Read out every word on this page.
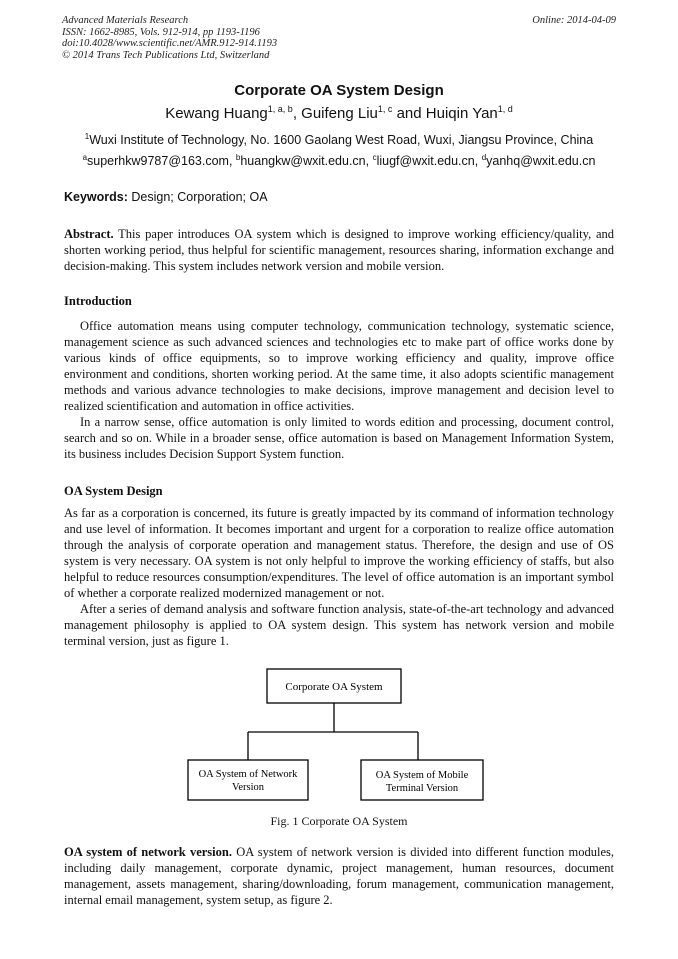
Advanced Materials Research
ISSN: 1662-8985, Vols. 912-914, pp 1193-1196
doi:10.4028/www.scientific.net/AMR.912-914.1193
© 2014 Trans Tech Publications Ltd, Switzerland
Online: 2014-04-09
Corporate OA System Design
Kewang Huang$^{1, a, b}$, Guifeng Liu$^{1, c}$ and Huiqin Yan$^{1, d}$
$^1$Wuxi Institute of Technology, No. 1600 Gaolang West Road, Wuxi, Jiangsu Province, China
$^a$superhkw9787@163.com, $^b$huangkw@wxit.edu.cn, $^c$liugf@wxit.edu.cn, $^d$yanhq@wxit.edu.cn
Keywords: Design; Corporation; OA
Abstract. This paper introduces OA system which is designed to improve working efficiency/quality, and shorten working period, thus helpful for scientific management, resources sharing, information exchange and decision-making. This system includes network version and mobile version.
Introduction

Office automation means using computer technology, communication technology, systematic science, management science as such advanced sciences and technologies etc to make part of office works done by various kinds of office equipments, so to improve working efficiency and quality, improve office environment and conditions, shorten working period. At the same time, it also adopts scientific management methods and various advance technologies to make decisions, improve management and decision level to realized scientification and automation in office activities.

In a narrow sense, office automation is only limited to words edition and processing, document control, search and so on. While in a broader sense, office automation is based on Management Information System, its business includes Decision Support System function.

OA System Design

As far as a corporation is concerned, its future is greatly impacted by its command of information technology and use level of information. It becomes important and urgent for a corporation to realize office automation through the analysis of corporate operation and management status. Therefore, the design and use of OS system is very necessary. OA system is not only helpful to improve the working efficiency of staffs, but also helpful to reduce resources consumption/expenditures. The level of office automation is an important symbol of whether a corporate realized modernized management or not.

After a series of demand analysis and software function analysis, state-of-the-art technology and advanced management philosophy is applied to OA system design. This system has network version and mobile terminal version, just as figure 1.

Corporate OA System
OA System of Network
Version
OA System of Mobile
Terminal Version
Fig. 1 Corporate OA System
OA system of network version. OA system of network version is divided into different function modules, including daily management, corporate dynamic, project management, human resources, document management, assets management, sharing/downloading, forum management, communication management, internal email management, system setup, as figure 2.
